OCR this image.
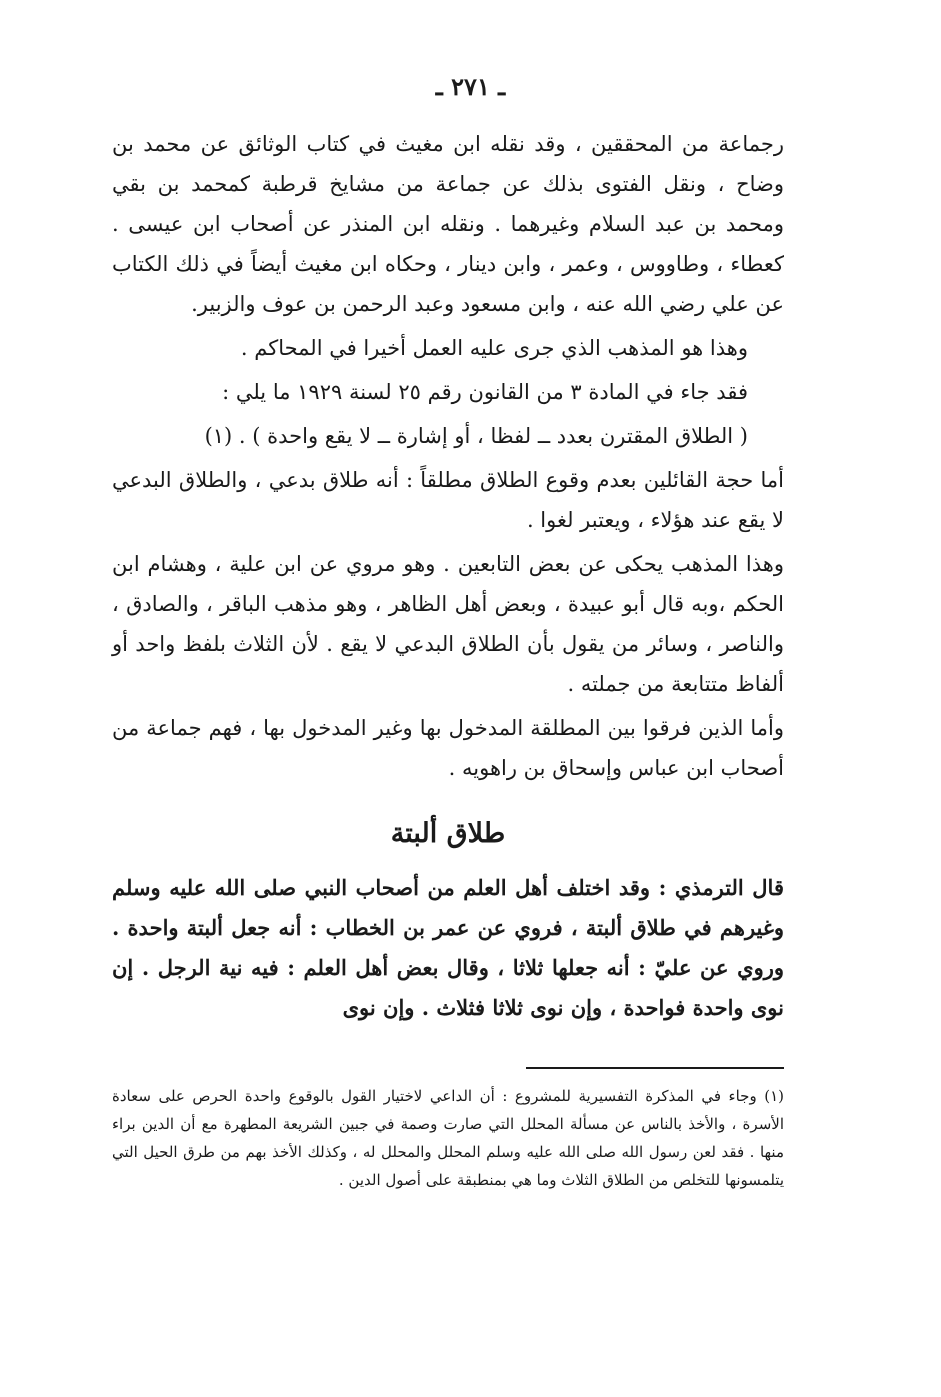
ـ ٢٧١ ـ

رجماعة من المحققين ، وقد نقله ابن مغيث في كتاب الوثائق عن محمد بن وضاح ، ونقل الفتوى بذلك عن جماعة من مشايخ قرطبة كمحمد بن بقي ومحمد بن عبد السلام وغيرهما . ونقله ابن المنذر عن أصحاب ابن عيسى . كعطاء ، وطاووس ، وعمر ، وابن دينار ، وحكاه ابن مغيث أيضاً في ذلك الكتاب عن علي رضي الله عنه ، وابن مسعود وعبد الرحمن بن عوف والزبير.

وهذا هو المذهب الذي جرى عليه العمل أخيرا في المحاكم .

فقد جاء في المادة ٣ من القانون رقم ٢٥ لسنة ١٩٢٩ ما يلي :

( الطلاق المقترن بعدد ــ لفظا ، أو إشارة ــ لا يقع واحدة ) . (١)

أما حجة القائلين بعدم وقوع الطلاق مطلقاً : أنه طلاق بدعي ، والطلاق البدعي لا يقع عند هؤلاء ، ويعتبر لغوا .

وهذا المذهب يحكى عن بعض التابعين . وهو مروي عن ابن علية ، وهشام ابن الحكم ،وبه قال أبو عبيدة ، وبعض أهل الظاهر ، وهو مذهب الباقر ، والصادق ، والناصر ، وسائر من يقول بأن الطلاق البدعي لا يقع . لأن الثلاث بلفظ واحد أو ألفاظ متتابعة من جملته .

وأما الذين فرقوا بين المطلقة المدخول بها وغير المدخول بها ، فهم جماعة من أصحاب ابن عباس وإسحاق بن راهويه .

طلاق ألبتة

قال الترمذي : وقد اختلف أهل العلم من أصحاب النبي صلى الله عليه وسلم وغيرهم في طلاق ألبتة ، فروي عن عمر بن الخطاب : أنه جعل ألبتة واحدة . وروي عن عليّ : أنه جعلها ثلاثا ، وقال بعض أهل العلم : فيه نية الرجل . إن نوى واحدة فواحدة ، وإن نوى ثلاثا فثلاث . وإن نوى

(١) وجاء في المذكرة التفسيرية للمشروع : أن الداعي لاختيار القول بالوقوع واحدة الحرص على سعادة الأسرة ، والأخذ بالناس عن مسألة المحلل التي صارت وصمة في جبين الشريعة المطهرة مع أن الدين براء منها . فقد لعن رسول الله صلى الله عليه وسلم المحلل والمحلل له ، وكذلك الأخذ بهم من طرق الحيل التي يتلمسونها للتخلص من الطلاق الثلاث وما هي بمنطبقة على أصول الدين .
